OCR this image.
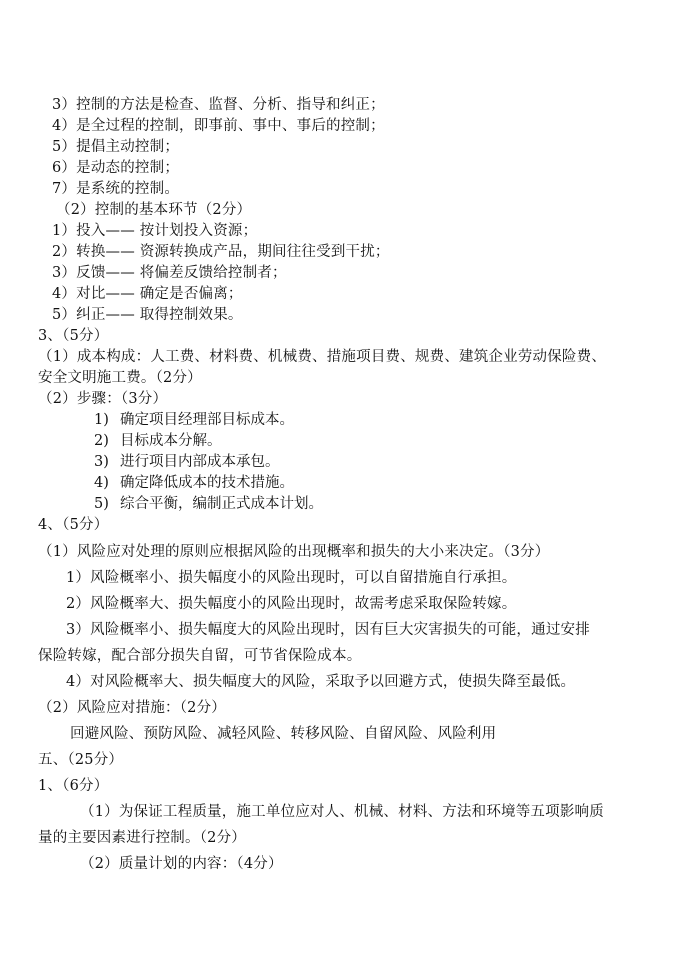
3）控制的方法是检查、监督、分析、指导和纠正；
4）是全过程的控制，即事前、事中、事后的控制；
5）提倡主动控制；
6）是动态的控制；
7）是系统的控制。
（2）控制的基本环节（2分）
1）投入—— 按计划投入资源；
2）转换—— 资源转换成产品，期间往往受到干扰；
3）反馈—— 将偏差反馈给控制者；
4）对比—— 确定是否偏离；
5）纠正—— 取得控制效果。
3、（5分）
（1）成本构成：人工费、材料费、机械费、措施项目费、规费、建筑企业劳动保险费、
安全文明施工费。（2分）
（2）步骤：（3分）
1) 确定项目经理部目标成本。
2) 目标成本分解。
3) 进行项目内部成本承包。
4) 确定降低成本的技术措施。
5) 综合平衡，编制正式成本计划。
4、（5分）
（1）风险应对处理的原则应根据风险的出现概率和损失的大小来决定。（3分）
1）风险概率小、损失幅度小的风险出现时，可以自留措施自行承担。
2）风险概率大、损失幅度小的风险出现时，故需考虑采取保险转嫁。
3）风险概率小、损失幅度大的风险出现时，因有巨大灾害损失的可能，通过安排
保险转嫁，配合部分损失自留，可节省保险成本。
4）对风险概率大、损失幅度大的风险，采取予以回避方式，使损失降至最低。
（2）风险应对措施：（2分）
回避风险、预防风险、减轻风险、转移风险、自留风险、风险利用
五、（25分）
1、（6分）
（1）为保证工程质量，施工单位应对人、机械、材料、方法和环境等五项影响质
量的主要因素进行控制。（2分）
（2）质量计划的内容：（4分）
